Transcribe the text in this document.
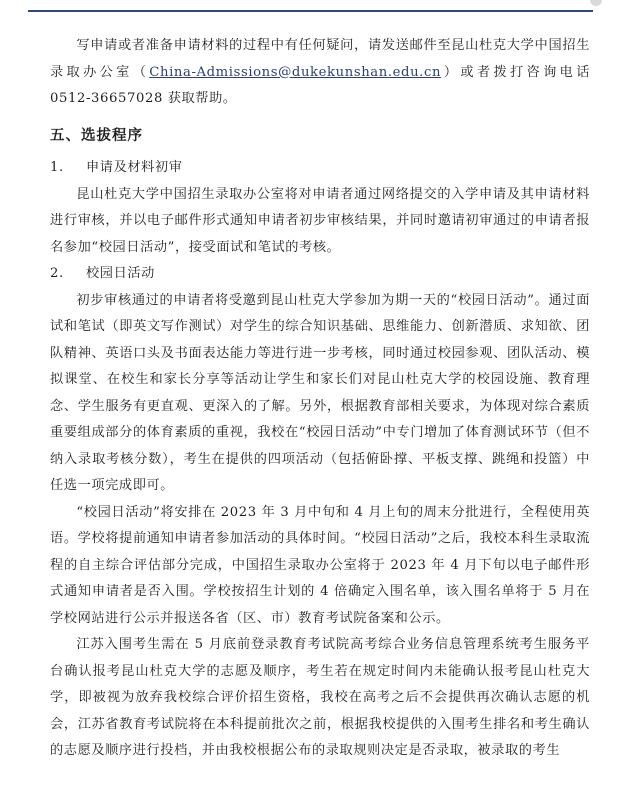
写申请或者准备申请材料的过程中有任何疑问，请发送邮件至昆山杜克大学中国招生录取办公室（China-Admissions@dukekunshan.edu.cn）或者拨打咨询电话 0512-36657028 获取帮助。

五、选拔程序

1.	申请及材料初审

昆山杜克大学中国招生录取办公室将对申请者通过网络提交的入学申请及其申请材料进行审核，并以电子邮件形式通知申请者初步审核结果，并同时邀请初审通过的申请者报名参加“校园日活动”，接受面试和笔试的考核。

2.	校园日活动

初步审核通过的申请者将受邀到昆山杜克大学参加为期一天的“校园日活动”。通过面试和笔试（即英文写作测试）对学生的综合知识基础、思维能力、创新潜质、求知欲、团队精神、英语口头及书面表达能力等进行进一步考核，同时通过校园参观、团队活动、模拟课堂、在校生和家长分享等活动让学生和家长们对昆山杜克大学的校园设施、教育理念、学生服务有更直观、更深入的了解。另外，根据教育部相关要求，为体现对综合素质重要组成部分的体育素质的重视，我校在“校园日活动”中专门增加了体育测试环节（但不纳入录取考核分数），考生在提供的四项活动（包括俯卧撑、平板支撑、跳绳和投篮）中任选一项完成即可。

“校园日活动”将安排在 2023 年 3 月中旬和 4 月上旬的周末分批进行，全程使用英语。学校将提前通知申请者参加活动的具体时间。“校园日活动”之后，我校本科生录取流程的自主综合评估部分完成，中国招生录取办公室将于 2023 年 4 月下旬以电子邮件形式通知申请者是否入围。学校按招生计划的 4 倍确定入围名单，该入围名单将于 5 月在学校网站进行公示并报送各省（区、市）教育考试院备案和公示。

江苏入围考生需在 5 月底前登录教育考试院高考综合业务信息管理系统考生服务平台确认报考昆山杜克大学的志愿及顺序，考生若在规定时间内未能确认报考昆山杜克大学，即被视为放弃我校综合评价招生资格，我校在高考之后不会提供再次确认志愿的机会，江苏省教育考试院将在本科提前批次之前，根据我校提供的入围考生排名和考生确认的志愿及顺序进行投档，并由我校根据公布的录取规则决定是否录取，被录取的考生
